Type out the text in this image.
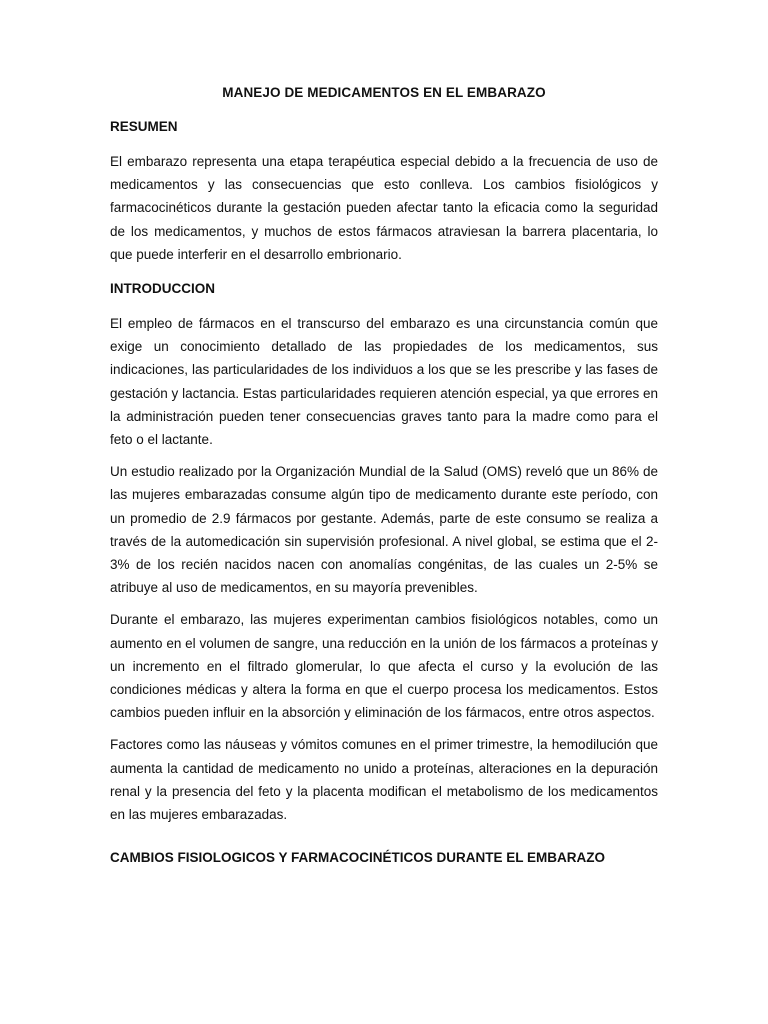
MANEJO DE MEDICAMENTOS EN EL EMBARAZO
RESUMEN

El embarazo representa una etapa terapéutica especial debido a la frecuencia de uso de medicamentos y las consecuencias que esto conlleva. Los cambios fisiológicos y farmacocinéticos durante la gestación pueden afectar tanto la eficacia como la seguridad de los medicamentos, y muchos de estos fármacos atraviesan la barrera placentaria, lo que puede interferir en el desarrollo embrionario.

INTRODUCCION

El empleo de fármacos en el transcurso del embarazo es una circunstancia común que exige un conocimiento detallado de las propiedades de los medicamentos, sus indicaciones, las particularidades de los individuos a los que se les prescribe y las fases de gestación y lactancia. Estas particularidades requieren atención especial, ya que errores en la administración pueden tener consecuencias graves tanto para la madre como para el feto o el lactante.

Un estudio realizado por la Organización Mundial de la Salud (OMS) reveló que un 86% de las mujeres embarazadas consume algún tipo de medicamento durante este período, con un promedio de 2.9 fármacos por gestante. Además, parte de este consumo se realiza a través de la automedicación sin supervisión profesional. A nivel global, se estima que el 2-3% de los recién nacidos nacen con anomalías congénitas, de las cuales un 2-5% se atribuye al uso de medicamentos, en su mayoría prevenibles.

Durante el embarazo, las mujeres experimentan cambios fisiológicos notables, como un aumento en el volumen de sangre, una reducción en la unión de los fármacos a proteínas y un incremento en el filtrado glomerular, lo que afecta el curso y la evolución de las condiciones médicas y altera la forma en que el cuerpo procesa los medicamentos. Estos cambios pueden influir en la absorción y eliminación de los fármacos, entre otros aspectos.

Factores como las náuseas y vómitos comunes en el primer trimestre, la hemodilución que aumenta la cantidad de medicamento no unido a proteínas, alteraciones en la depuración renal y la presencia del feto y la placenta modifican el metabolismo de los medicamentos en las mujeres embarazadas.

CAMBIOS FISIOLOGICOS Y FARMACOCINÉTICOS DURANTE EL EMBARAZO
